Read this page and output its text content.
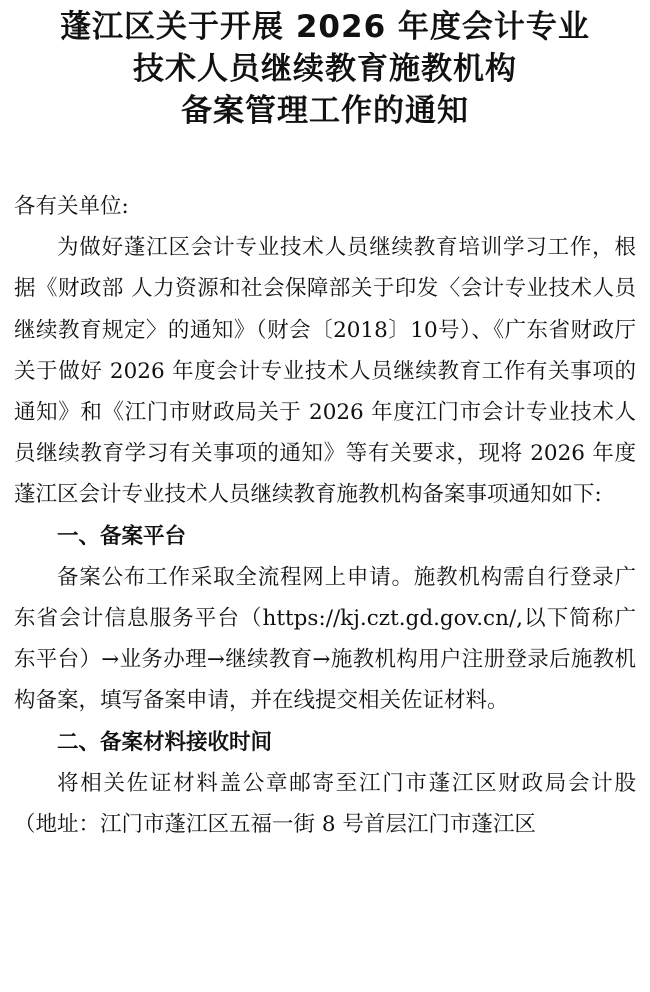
蓬江区关于开展 2026 年度会计专业
技术人员继续教育施教机构
备案管理工作的通知
各有关单位:
为做好蓬江区会计专业技术人员继续教育培训学习工作，根据《财政部 人力资源和社会保障部关于印发〈会计专业技术人员继续教育规定〉的通知》（财会〔2018〕10号）、《广东省财政厅关于做好 2026 年度会计专业技术人员继续教育工作有关事项的通知》和《江门市财政局关于 2026 年度江门市会计专业技术人员继续教育学习有关事项的通知》等有关要求，现将 2026 年度蓬江区会计专业技术人员继续教育施教机构备案事项通知如下:
一、备案平台
备案公布工作采取全流程网上申请。施教机构需自行登录广东省会计信息服务平台（https://kj.czt.gd.gov.cn/,以下简称广东平台）→业务办理→继续教育→施教机构用户注册登录后施教机构备案，填写备案申请，并在线提交相关佐证材料。
二、备案材料接收时间
将相关佐证材料盖公章邮寄至江门市蓬江区财政局会计股（地址：江门市蓬江区五福一街 8 号首层江门市蓬江区
